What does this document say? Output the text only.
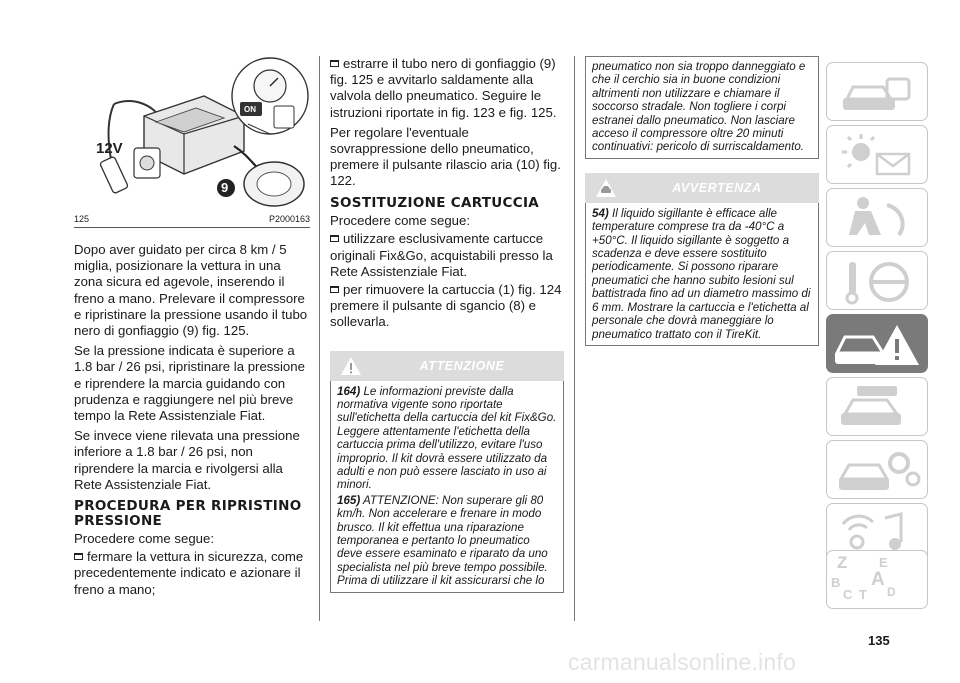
12V
ON
9
125	P2000163
Dopo aver guidato per circa 8 km / 5 miglia, posizionare la vettura in una zona sicura ed agevole, inserendo il freno a mano. Prelevare il compressore e ripristinare la pressione usando il tubo nero di gonfiaggio (9) fig. 125.
Se la pressione indicata è superiore a 1.8 bar / 26 psi, ripristinare la pressione e riprendere la marcia guidando con prudenza e raggiungere nel più breve tempo la Rete Assistenziale Fiat.
Se invece viene rilevata una pressione inferiore a 1.8 bar / 26 psi, non riprendere la marcia e rivolgersi alla Rete Assistenziale Fiat.
PROCEDURA PER RIPRISTINO PRESSIONE
Procedere come segue:
fermare la vettura in sicurezza, come precedentemente indicato e azionare il freno a mano;
estrarre il tubo nero di gonfiaggio (9) fig. 125 e avvitarlo saldamente alla valvola dello pneumatico. Seguire le istruzioni riportate in fig. 123 e fig. 125.
Per regolare l'eventuale sovrappressione dello pneumatico, premere il pulsante rilascio aria (10) fig. 122.
SOSTITUZIONE CARTUCCIA
Procedere come segue:
utilizzare esclusivamente cartucce originali Fix&Go, acquistabili presso la Rete Assistenziale Fiat.
per rimuovere la cartuccia (1) fig. 124 premere il pulsante di sgancio (8) e sollevarla.
ATTENZIONE

164) Le informazioni previste dalla normativa vigente sono riportate sull'etichetta della cartuccia del kit Fix&Go. Leggere attentamente l'etichetta della cartuccia prima dell'utilizzo, evitare l'uso improprio. Il kit dovrà essere utilizzato da adulti e non può essere lasciato in uso ai minori.

165) ATTENZIONE: Non superare gli 80 km/h. Non accelerare e frenare in modo brusco. Il kit effettua una riparazione temporanea e pertanto lo pneumatico deve essere esaminato e riparato da uno specialista nel più breve tempo possibile. Prima di utilizzare il kit assicurarsi che lo

pneumatico non sia troppo danneggiato e che il cerchio sia in buone condizioni altrimenti non utilizzare e chiamare il soccorso stradale. Non togliere i corpi estranei dallo pneumatico. Non lasciare acceso il compressore oltre 20 minuti continuativi: pericolo di surriscaldamento.
AVVERTENZA

54) Il liquido sigillante è efficace alle temperature comprese tra da -40°C a +50°C. Il liquido sigillante è soggetto a scadenza e deve essere sostituito periodicamente. Si possono riparare pneumatici che hanno subito lesioni sul battistrada fino ad un diametro massimo di 6 mm. Mostrare la cartuccia e l'etichetta al personale che dovrà maneggiare lo pneumatico trattato con il TireKit.

Z E
B A
C T D
135
carmanualsonline.info
